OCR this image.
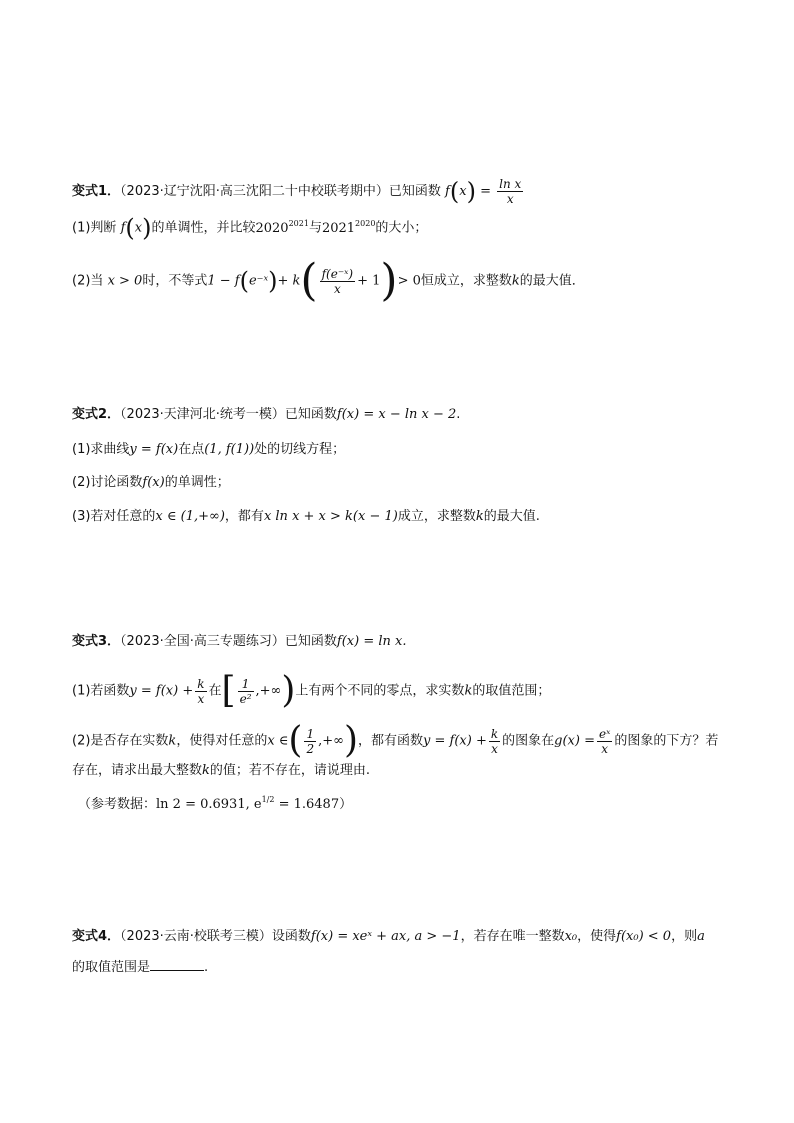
变式1．（2023·辽宁沈阳·高三沈阳二十中校联考期中）已知函数 $f(x) = \frac{\text{ln x}}{x}$
(1)判断 f(x)的单调性，并比较$2020^{2021}$与$2021^{2020}$的大小；
(2)当 x > 0时，不等式1 − f(e⁻ˣ)+ $k( \frac{\text{f(e⁻ˣ)}}{x} + 1)> 0$恒成立，求整数k的最大值．
变式2．（2023·天津河北·统考一模）已知函数f(x) = x − ln x − 2.
(1)求曲线y = f(x)在点(1, f(1))处的切线方程；
(2)讨论函数f(x)的单调性；
(3)若对任意的x ∈ (1,+∞)，都有x ln x + x > k(x − 1)成立，求整数k的最大值.
变式3．（2023·全国·高三专题练习）已知函数f(x) = ln x.
(1)若函数$y = f(x) + \frac{k}{x}$ 在[ $\frac{1}{\text{e²}}$ ,+∞)上有两个不同的零点，求实数k的取值范围；
(2)是否存在实数k，使得对任意的x ∈( $\frac{1}{2}$ ,+∞)，都有函数$y = f(x) + \frac{k}{x}$ 的图象在$g(x) = \frac{\text{eˣ}}{x}$ 的图象的下方？若
存在，请求出最大整数k的值；若不存在，请说理由.
（参考数据：ln 2 = 0.6931, $e^{1/2} = 1.6487$）
变式4．（2023·云南·校联考三模）设函数f(x) = xeˣ + ax, a > −1，若存在唯一整数x₀，使得f(x₀) < 0，则a
的取值范围是	.
